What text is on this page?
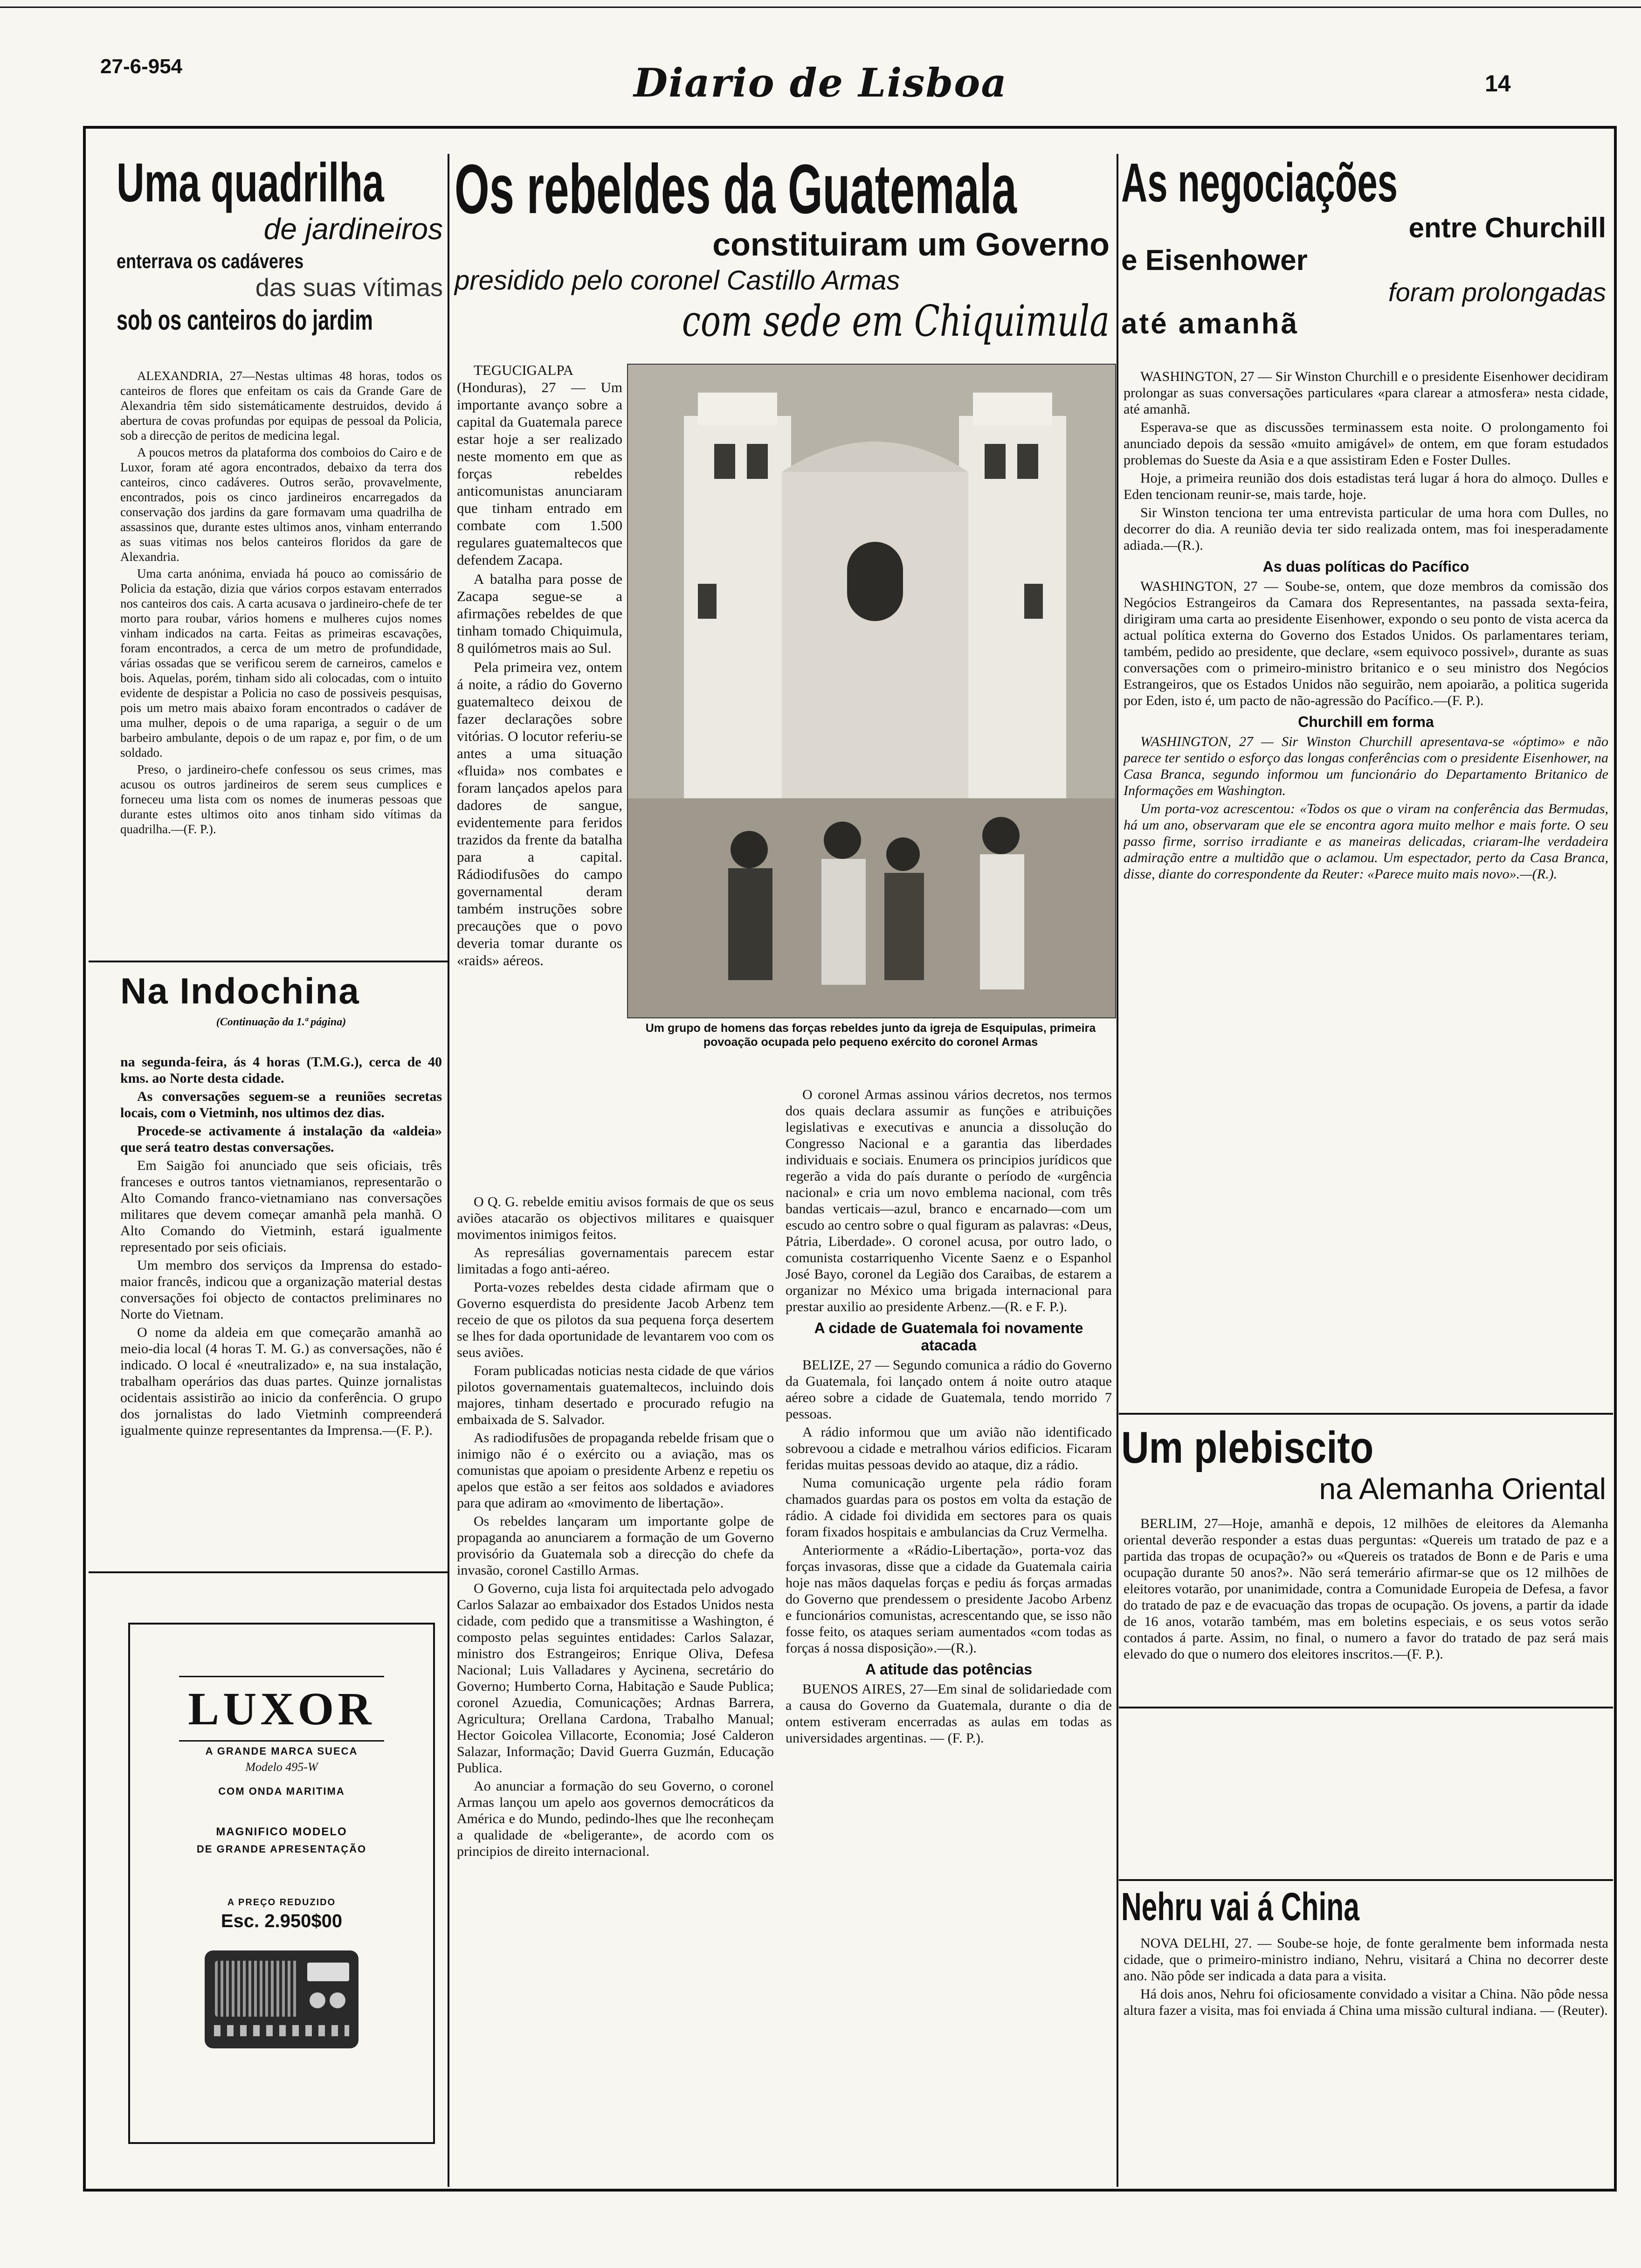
27-6-954	Diario de Lisboa	14
Uma quadrilha
de jardineiros
enterrava os cadáveres
das suas vítimas
sob os canteiros do jardim

ALEXANDRIA, 27—Nestas ultimas 48 horas, todos os canteiros de flores que enfeitam os cais da Grande Gare de Alexandria têm sido sistemáticamente destruidos, devido á abertura de covas profundas por equipas de pessoal da Policia, sob a direcção de peritos de medicina legal.

A poucos metros da plataforma dos comboios do Cairo e de Luxor, foram até agora encontrados, debaixo da terra dos canteiros, cinco cadáveres. Outros serão, provavelmente, encontrados, pois os cinco jardineiros encarregados da conservação dos jardins da gare formavam uma quadrilha de assassinos que, durante estes ultimos anos, vinham enterrando as suas vitimas nos belos canteiros floridos da gare de Alexandria.

Uma carta anónima, enviada há pouco ao comissário de Policia da estação, dizia que vários corpos estavam enterrados nos canteiros dos cais. A carta acusava o jardineiro-chefe de ter morto para roubar, vários homens e mulheres cujos nomes vinham indicados na carta. Feitas as primeiras escavações, foram encontrados, a cerca de um metro de profundidade, várias ossadas que se verificou serem de carneiros, camelos e bois. Aquelas, porém, tinham sido ali colocadas, com o intuito evidente de despistar a Policia no caso de possiveis pesquisas, pois um metro mais abaixo foram encontrados o cadáver de uma mulher, depois o de uma rapariga, a seguir o de um barbeiro ambulante, depois o de um rapaz e, por fim, o de um soldado.

Preso, o jardineiro-chefe confessou os seus crimes, mas acusou os outros jardineiros de serem seus cumplices e forneceu uma lista com os nomes de inumeras pessoas que durante estes ultimos oito anos tinham sido vítimas da quadrilha.—(F. P.).

Na Indochina
(Continuação da 1.ª página)

na segunda-feira, ás 4 horas (T.M.G.), cerca de 40 kms. ao Norte desta cidade.

As conversações seguem-se a reuniões secretas locais, com o Vietminh, nos ultimos dez dias.

Procede-se activamente á instalação da «aldeia» que será teatro destas conversações.

Em Saigão foi anunciado que seis oficiais, três franceses e outros tantos vietnamianos, representarão o Alto Comando franco-vietnamiano nas conversações militares que devem começar amanhã pela manhã. O Alto Comando do Vietminh, estará igualmente representado por seis oficiais.

Um membro dos serviços da Imprensa do estado-maior francês, indicou que a organização material destas conversações foi objecto de contactos preliminares no Norte do Vietnam.

O nome da aldeia em que começarão amanhã ao meio-dia local (4 horas T. M. G.) as conversações, não é indicado. O local é «neutralizado» e, na sua instalação, trabalham operários das duas partes. Quinze jornalistas ocidentais assistirão ao inicio da conferência. O grupo dos jornalistas do lado Vietminh compreenderá igualmente quinze representantes da Imprensa.—(F. P.).

LUXOR
A GRANDE MARCA SUECA
Modelo 495-W
COM ONDA MARITIMA
MAGNIFICO MODELO
DE GRANDE APRESENTAÇÃO
A PREÇO REDUZIDO
Esc. 2.950$00
Os rebeldes da Guatemala
constituiram um Governo
presidido pelo coronel Castillo Armas
com sede em Chiquimula
Um grupo de homens das forças rebeldes junto da igreja de Esquipulas, primeira povoação ocupada pelo pequeno exército do coronel Armas

TEGUCIGALPA (Honduras), 27 — Um importante avanço sobre a capital da Guatemala parece estar hoje a ser realizado neste momento em que as forças rebeldes anticomunistas anunciaram que tinham entrado em combate com 1.500 regulares guatemaltecos que defendem Zacapa.

A batalha para posse de Zacapa segue-se a afirmações rebeldes de que tinham tomado Chiquimula, 8 quilómetros mais ao Sul.

Pela primeira vez, ontem á noite, a rádio do Governo guatemalteco deixou de fazer declarações sobre vitórias. O locutor referiu-se antes a uma situação «fluida» nos combates e foram lançados apelos para dadores de sangue, evidentemente para feridos trazidos da frente da batalha para a capital. Rádiodifusões do campo governamental deram também instruções sobre precauções que o povo deveria tomar durante os «raids» aéreos.

O Q. G. rebelde emitiu avisos formais de que os seus aviões atacarão os objectivos militares e quaisquer movimentos inimigos feitos.

As represálias governamentais parecem estar limitadas a fogo anti-aéreo.

Porta-vozes rebeldes desta cidade afirmam que o Governo esquerdista do presidente Jacob Arbenz tem receio de que os pilotos da sua pequena força desertem se lhes for dada oportunidade de levantarem voo com os seus aviões.

Foram publicadas noticias nesta cidade de que vários pilotos governamentais guatemaltecos, incluindo dois majores, tinham desertado e procurado refugio na embaixada de S. Salvador.

As radiodifusões de propaganda rebelde frisam que o inimigo não é o exército ou a aviação, mas os comunistas que apoiam o presidente Arbenz e repetiu os apelos que estão a ser feitos aos soldados e aviadores para que adiram ao «movimento de libertação».

Os rebeldes lançaram um importante golpe de propaganda ao anunciarem a formação de um Governo provisório da Guatemala sob a direcção do chefe da invasão, coronel Castillo Armas.

O Governo, cuja lista foi arquitectada pelo advogado Carlos Salazar ao embaixador dos Estados Unidos nesta cidade, com pedido que a transmitisse a Washington, é composto pelas seguintes entidades: Carlos Salazar, ministro dos Estrangeiros; Enrique Oliva, Defesa Nacional; Luis Valladares y Aycinena, secretário do Governo; Humberto Corna, Habitação e Saude Publica; coronel Azuedia, Comunicações; Ardnas Barrera, Agricultura; Orellana Cardona, Trabalho Manual; Hector Goicolea Villacorte, Economia; José Calderon Salazar, Informação; David Guerra Guzmán, Educação Publica.

Ao anunciar a formação do seu Governo, o coronel Armas lançou um apelo aos governos democráticos da América e do Mundo, pedindo-lhes que lhe reconheçam a qualidade de «beligerante», de acordo com os principios de direito internacional.

O coronel Armas assinou vários decretos, nos termos dos quais declara assumir as funções e atribuições legislativas e executivas e anuncia a dissolução do Congresso Nacional e a garantia das liberdades individuais e sociais. Enumera os principios jurídicos que regerão a vida do país durante o período de «urgência nacional» e cria um novo emblema nacional, com três bandas verticais—azul, branco e encarnado—com um escudo ao centro sobre o qual figuram as palavras: «Deus, Pátria, Liberdade». O coronel acusa, por outro lado, o comunista costarriquenho Vicente Saenz e o Espanhol José Bayo, coronel da Legião dos Caraibas, de estarem a organizar no México uma brigada internacional para prestar auxilio ao presidente Arbenz.—(R. e F. P.).

A cidade de Guatemala foi novamente atacada

BELIZE, 27 — Segundo comunica a rádio do Governo da Guatemala, foi lançado ontem á noite outro ataque aéreo sobre a cidade de Guatemala, tendo morrido 7 pessoas.

A rádio informou que um avião não identificado sobrevoou a cidade e metralhou vários edificios. Ficaram feridas muitas pessoas devido ao ataque, diz a rádio.

Numa comunicação urgente pela rádio foram chamados guardas para os postos em volta da estação de rádio. A cidade foi dividida em sectores para os quais foram fixados hospitais e ambulancias da Cruz Vermelha.

Anteriormente a «Rádio-Libertação», porta-voz das forças invasoras, disse que a cidade da Guatemala cairia hoje nas mãos daquelas forças e pediu ás forças armadas do Governo que prendessem o presidente Jacobo Arbenz e funcionários comunistas, acrescentando que, se isso não fosse feito, os ataques seriam aumentados «com todas as forças á nossa disposição».—(R.).

A atitude das potências

BUENOS AIRES, 27—Em sinal de solidariedade com a causa do Governo da Guatemala, durante o dia de ontem estiveram encerradas as aulas em todas as universidades argentinas. — (F. P.).

As negociações
entre Churchill
e Eisenhower
foram prolongadas
até amanhã

WASHINGTON, 27 — Sir Winston Churchill e o presidente Eisenhower decidiram prolongar as suas conversações particulares «para clarear a atmosfera» nesta cidade, até amanhã.

Esperava-se que as discussões terminassem esta noite. O prolongamento foi anunciado depois da sessão «muito amigável» de ontem, em que foram estudados problemas do Sueste da Asia e a que assistiram Eden e Foster Dulles.

Hoje, a primeira reunião dos dois estadistas terá lugar á hora do almoço. Dulles e Eden tencionam reunir-se, mais tarde, hoje.

Sir Winston tenciona ter uma entrevista particular de uma hora com Dulles, no decorrer do dia. A reunião devia ter sido realizada ontem, mas foi inesperadamente adiada.—(R.).

As duas políticas do Pacífico

WASHINGTON, 27 — Soube-se, ontem, que doze membros da comissão dos Negócios Estrangeiros da Camara dos Representantes, na passada sexta-feira, dirigiram uma carta ao presidente Eisenhower, expondo o seu ponto de vista acerca da actual política externa do Governo dos Estados Unidos. Os parlamentares teriam, também, pedido ao presidente, que declare, «sem equivoco possivel», durante as suas conversações com o primeiro-ministro britanico e o seu ministro dos Negócios Estrangeiros, que os Estados Unidos não seguirão, nem apoiarão, a politica sugerida por Eden, isto é, um pacto de não-agressão do Pacífico.—(F. P.).

Churchill em forma

WASHINGTON, 27 — Sir Winston Churchill apresentava-se «óptimo» e não parece ter sentido o esforço das longas conferências com o presidente Eisenhower, na Casa Branca, segundo informou um funcionário do Departamento Britanico de Informações em Washington.

Um porta-voz acrescentou: «Todos os que o viram na conferência das Bermudas, há um ano, observaram que ele se encontra agora muito melhor e mais forte. O seu passo firme, sorriso irradiante e as maneiras delicadas, criaram-lhe verdadeira admiração entre a multidão que o aclamou. Um espectador, perto da Casa Branca, disse, diante do correspondente da Reuter: «Parece muito mais novo».—(R.).

Um plebiscito
na Alemanha Oriental

BERLIM, 27—Hoje, amanhã e depois, 12 milhões de eleitores da Alemanha oriental deverão responder a estas duas perguntas: «Quereis um tratado de paz e a partida das tropas de ocupação?» ou «Quereis os tratados de Bonn e de Paris e uma ocupação durante 50 anos?». Não será temerário afirmar-se que os 12 milhões de eleitores votarão, por unanimidade, contra a Comunidade Europeia de Defesa, a favor do tratado de paz e de evacuação das tropas de ocupação. Os jovens, a partir da idade de 16 anos, votarão também, mas em boletins especiais, e os seus votos serão contados á parte. Assim, no final, o numero a favor do tratado de paz será mais elevado do que o numero dos eleitores inscritos.—(F. P.).

Nehru vai á China

NOVA DELHI, 27. — Soube-se hoje, de fonte geralmente bem informada nesta cidade, que o primeiro-ministro indiano, Nehru, visitará a China no decorrer deste ano. Não pôde ser indicada a data para a visita.

Há dois anos, Nehru foi oficiosamente convidado a visitar a China. Não pôde nessa altura fazer a visita, mas foi enviada á China uma missão cultural indiana. — (Reuter).
